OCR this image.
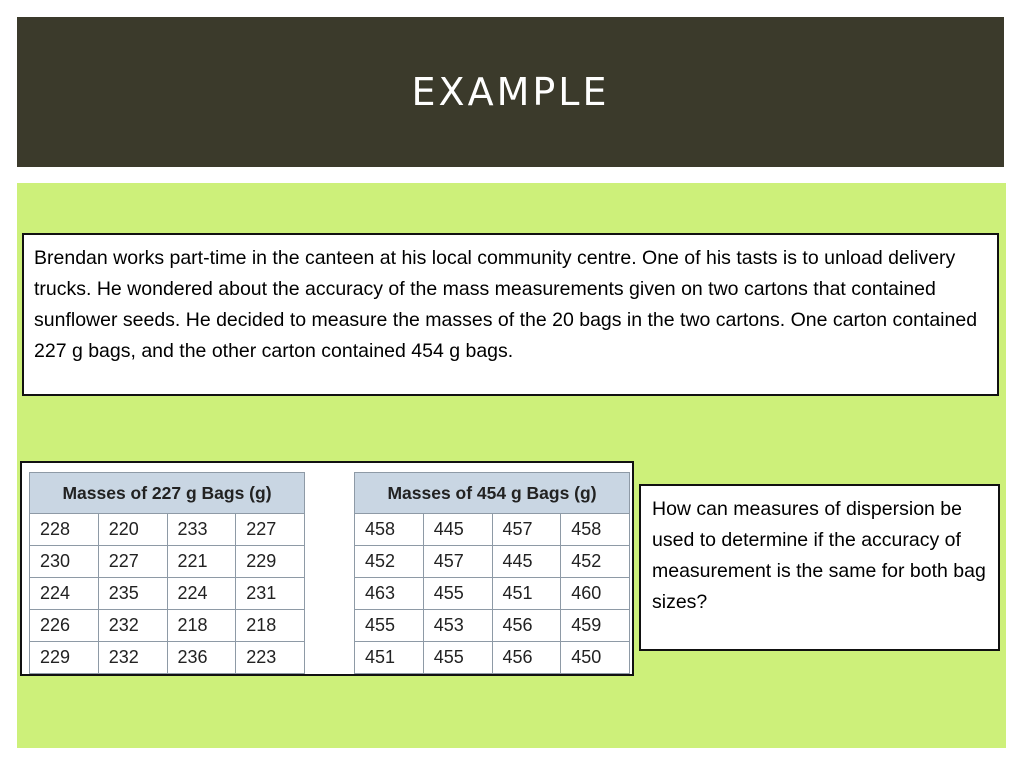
EXAMPLE
Brendan works part-time in the canteen at his local community centre. One of his tasts is to unload delivery trucks. He wondered about the accuracy of the mass measurements given on two cartons that contained sunflower seeds. He decided to measure the masses of the 20 bags in the two cartons. One carton contained 227 g bags, and the other carton contained 454 g bags.
Masses of 227 g Bags (g)			
228	220	233	227
230	227	221	229
224	235	224	231
226	232	218	218
229	232	236	223
Masses of 454 g Bags (g)			
458	445	457	458
452	457	445	452
463	455	451	460
455	453	456	459
451	455	456	450
How can measures of dispersion be used to determine if the accuracy of measurement is the same for both bag sizes?
